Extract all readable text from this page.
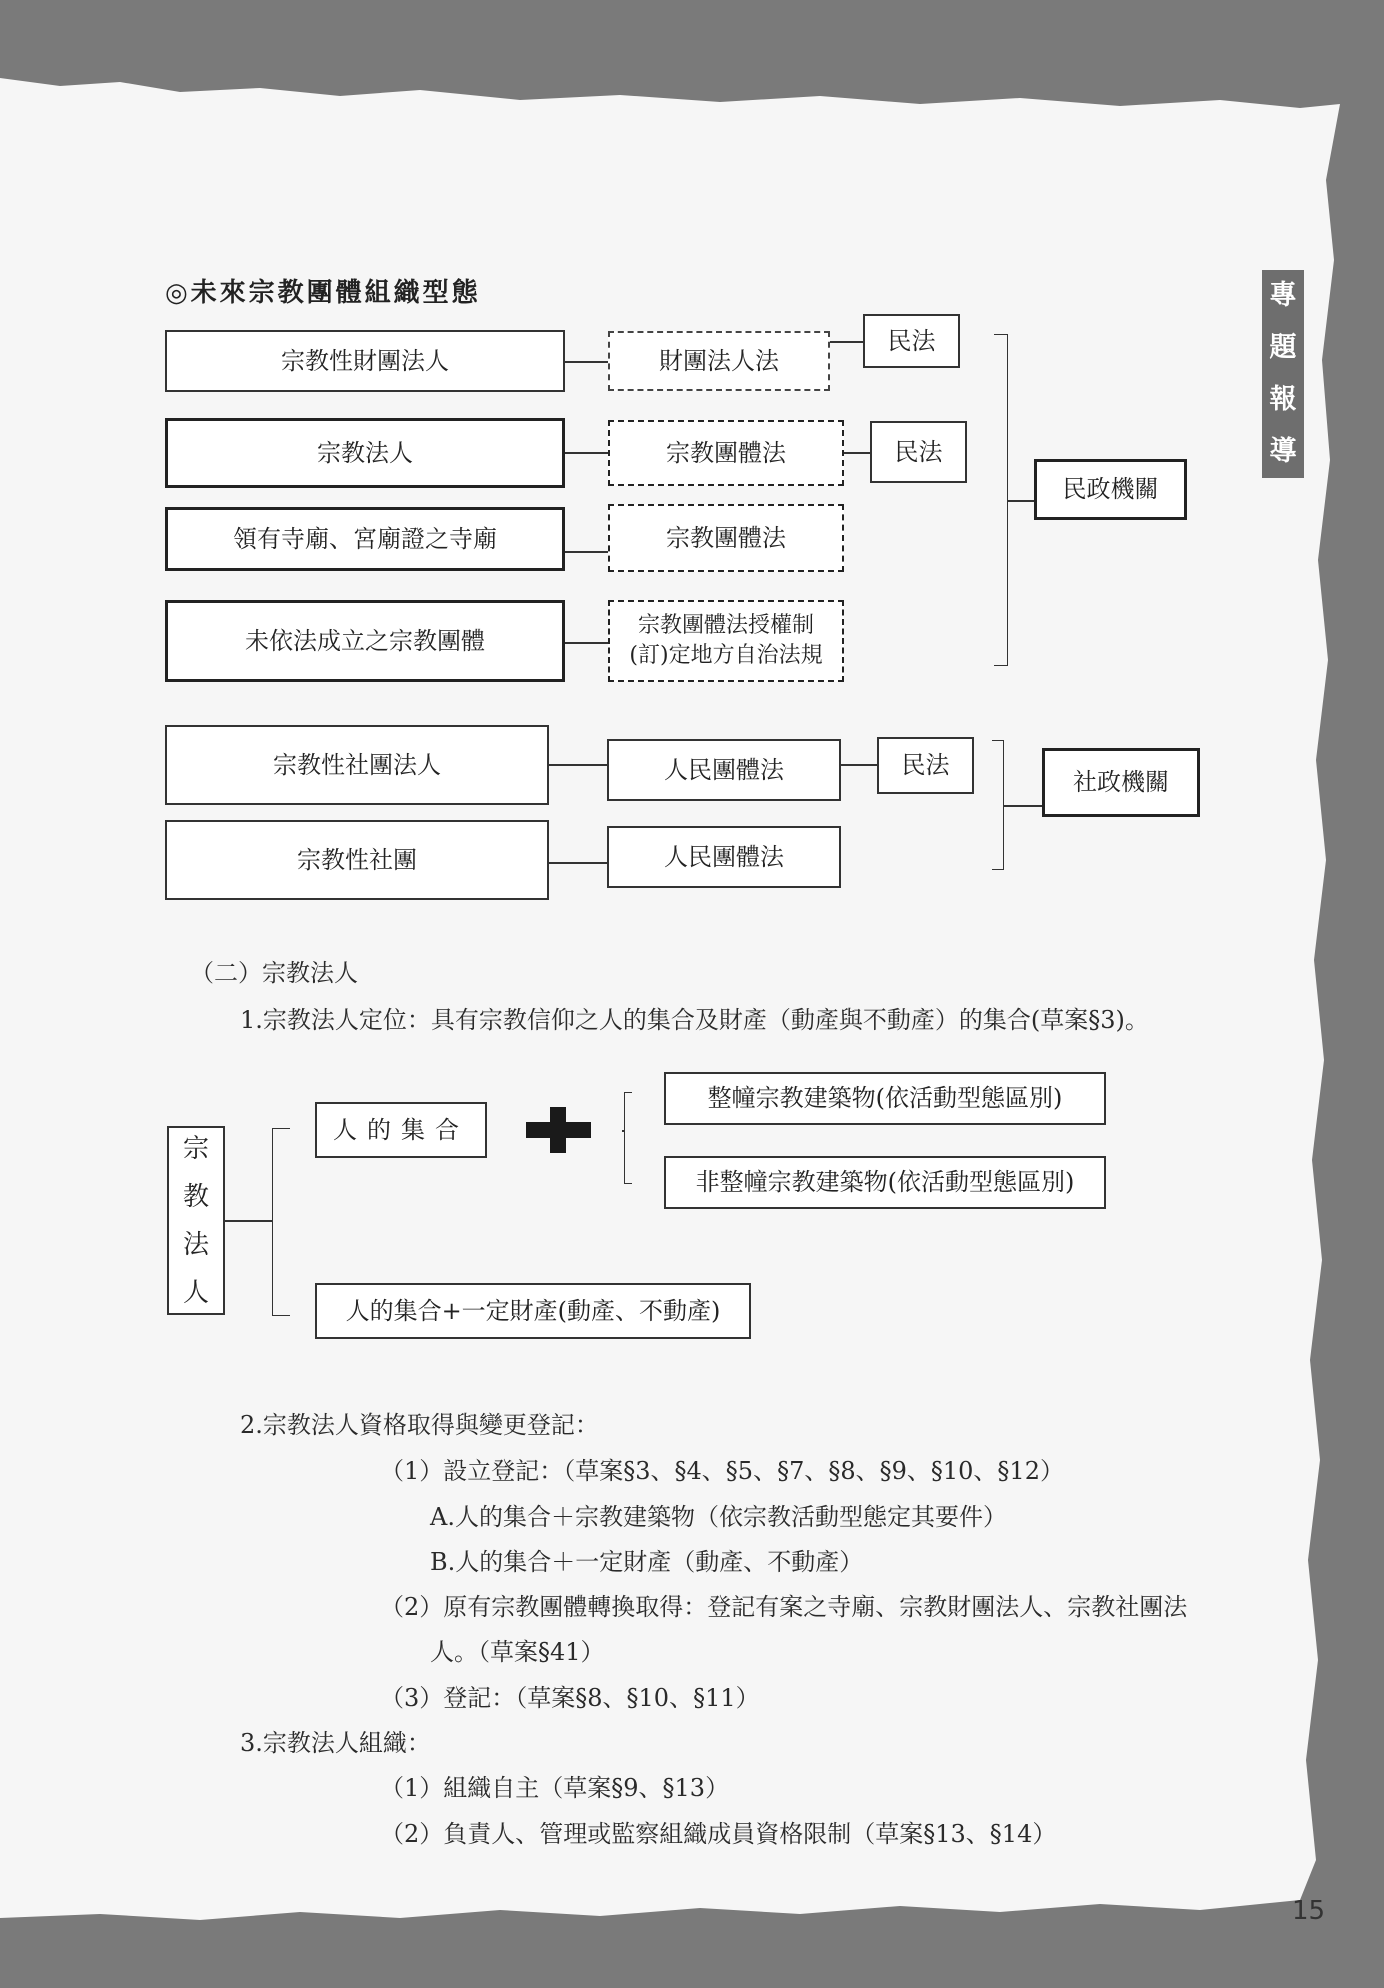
專
題
報
導
◎未來宗教團體組織型態
宗教性財團法人
宗教法人
領有寺廟、宮廟證之寺廟
未依法成立之宗教團體
財團法人法
宗教團體法
宗教團體法
宗教團體法授權制
(訂)定地方自治法規
民法
民法
民政機關
宗教性社團法人
宗教性社團
人民團體法
人民團體法
民法
社政機關
（二）宗教法人
1.宗教法人定位：具有宗教信仰之人的集合及財產（動產與不動產）的集合(草案§3)。
宗
教
法
人
人的集合
整幢宗教建築物(依活動型態區別)
非整幢宗教建築物(依活動型態區別)
人的集合+一定財產(動產、不動產)
2.宗教法人資格取得與變更登記：
（1）設立登記：（草案§3、§4、§5、§7、§8、§9、§10、§12）
A.人的集合＋宗教建築物（依宗教活動型態定其要件）
B.人的集合＋一定財產（動產、不動產）
（2）原有宗教團體轉換取得：登記有案之寺廟、宗教財團法人、宗教社團法
人。（草案§41）
（3）登記：（草案§8、§10、§11）
3.宗教法人組織：
（1）組織自主（草案§9、§13）
（2）負責人、管理或監察組織成員資格限制（草案§13、§14）
15
